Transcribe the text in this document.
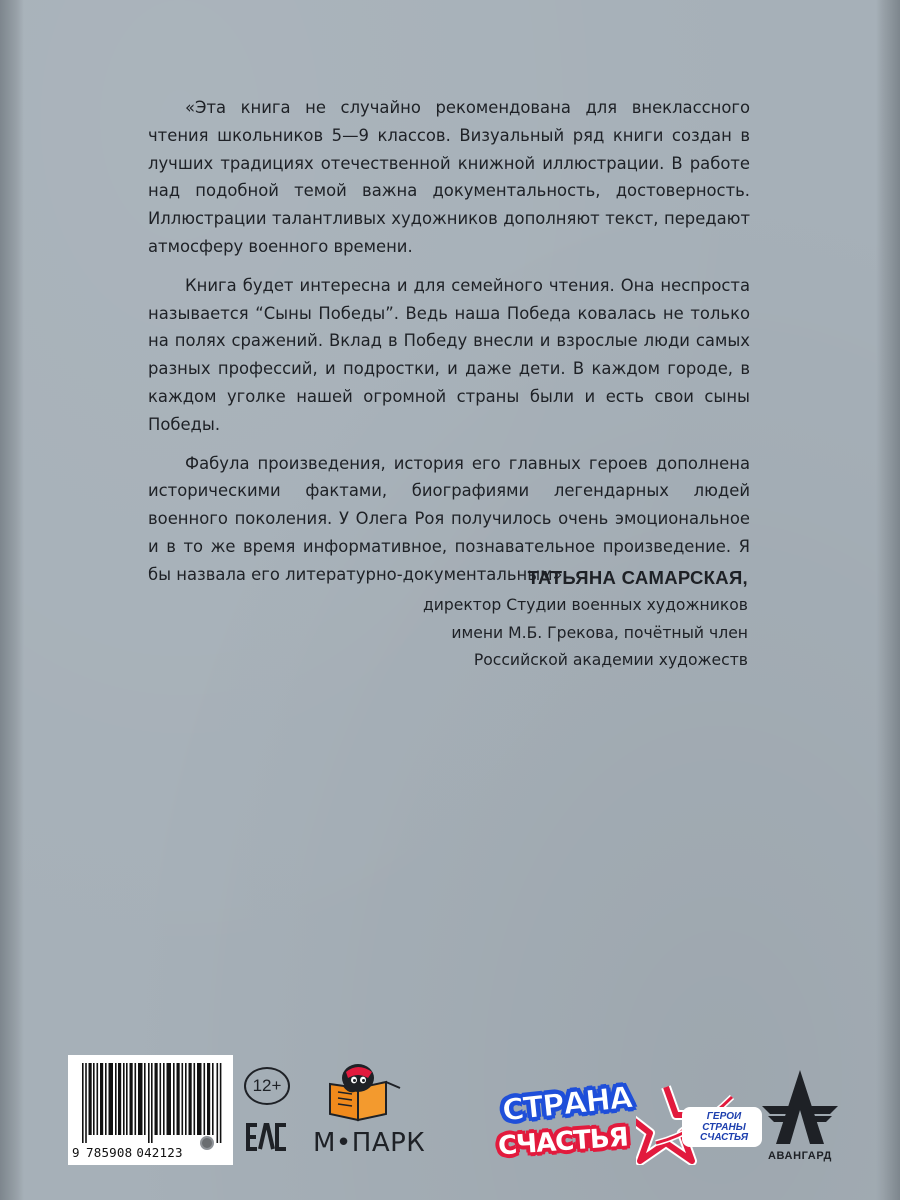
«Эта книга не случайно рекомендована для внеклассного чтения школьников 5—9 классов. Визуальный ряд книги создан в лучших традициях отечественной книжной иллюстрации. В работе над подобной темой важна документальность, достоверность. Иллюстрации талантливых художников дополняют текст, передают атмосферу военного времени.

Книга будет интересна и для семейного чтения. Она неспроста называется “Сыны Победы”. Ведь наша Победа ковалась не только на полях сражений. Вклад в Победу внесли и взрослые люди самых разных профессий, и подростки, и даже дети. В каждом городе, в каждом уголке нашей огромной страны были и есть свои сыны Победы.

Фабула произведения, история его главных героев дополнена историческими фактами, биографиями легендарных людей военного поколения. У Олега Роя получилось очень эмоциональное и в то же время информативное, познавательное произведение. Я бы назвала его литературно-документальным».

ТАТЬЯНА САМАРСКАЯ,
директор Студии военных художников
имени М.Б. Грекова, почётный член
Российской академии художеств
9 785908 042123
12+
М•ПАРК
СТРАНА
СЧАСТЬЯ
ГЕРОИ
СТРАНЫ
СЧАСТЬЯ
АВАНГАРД
